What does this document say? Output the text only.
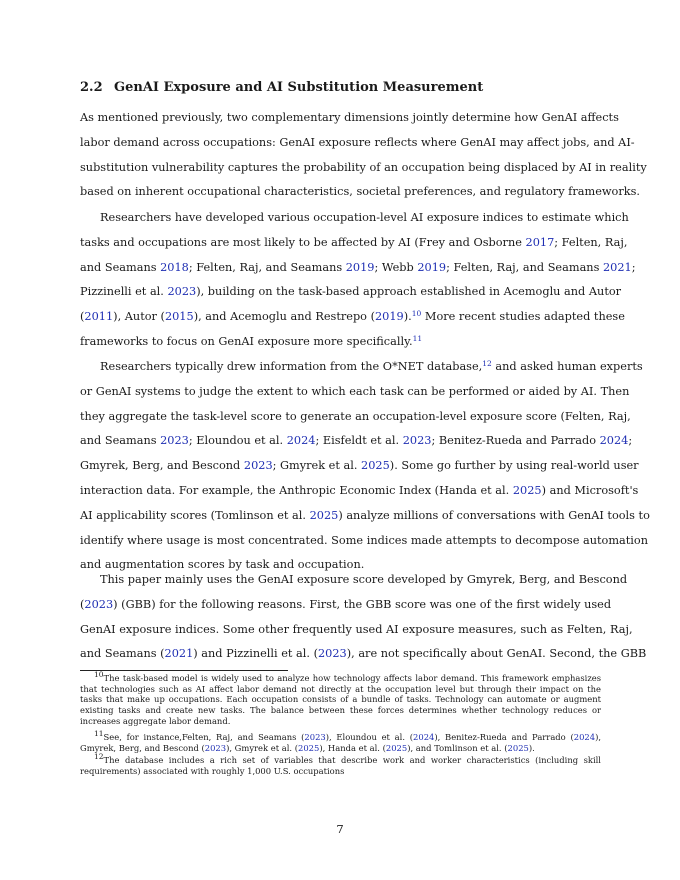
2.2 GenAI Exposure and AI Substitution Measurement
As mentioned previously, two complementary dimensions jointly determine how GenAI affects
labor demand across occupations: GenAI exposure reflects where GenAI may affect jobs, and AI-
substitution vulnerability captures the probability of an occupation being displaced by AI in reality
based on inherent occupational characteristics, societal preferences, and regulatory frameworks.
Researchers have developed various occupation-level AI exposure indices to estimate which
tasks and occupations are most likely to be affected by AI (Frey and Osborne 2017; Felten, Raj,
and Seamans 2018; Felten, Raj, and Seamans 2019; Webb 2019; Felten, Raj, and Seamans 2021;
Pizzinelli et al. 2023), building on the task-based approach established in Acemoglu and Autor
(2011), Autor (2015), and Acemoglu and Restrepo (2019).$^{10}$ More recent studies adapted these
frameworks to focus on GenAI exposure more specifically.$^{11}$
Researchers typically drew information from the O*NET database,$^{12}$ and asked human experts
or GenAI systems to judge the extent to which each task can be performed or aided by AI. Then
they aggregate the task-level score to generate an occupation-level exposure score (Felten, Raj,
and Seamans 2023; Eloundou et al. 2024; Eisfeldt et al. 2023; Benitez-Rueda and Parrado 2024;
Gmyrek, Berg, and Bescond 2023; Gmyrek et al. 2025). Some go further by using real-world user
interaction data. For example, the Anthropic Economic Index (Handa et al. 2025) and Microsoft's
AI applicability scores (Tomlinson et al. 2025) analyze millions of conversations with GenAI tools to
identify where usage is most concentrated. Some indices made attempts to decompose automation
and augmentation scores by task and occupation.
This paper mainly uses the GenAI exposure score developed by Gmyrek, Berg, and Bescond
(2023) (GBB) for the following reasons. First, the GBB score was one of the first widely used
GenAI exposure indices. Some other frequently used AI exposure measures, such as Felten, Raj,
and Seamans (2021) and Pizzinelli et al. (2023), are not specifically about GenAI. Second, the GBB
$^{10}$The task-based model is widely used to analyze how technology affects labor demand. This framework emphasizes
that technologies such as AI affect labor demand not directly at the occupation level but through their impact on the
tasks that make up occupations. Each occupation consists of a bundle of tasks. Technology can automate or augment
existing tasks and create new tasks. The balance between these forces determines whether technology reduces or
increases aggregate labor demand.
$^{11}$See, for instance,Felten, Raj, and Seamans (2023), Eloundou et al. (2024), Benitez-Rueda and Parrado (2024),
Gmyrek, Berg, and Bescond (2023), Gmyrek et al. (2025), Handa et al. (2025), and Tomlinson et al. (2025).
$^{12}$The database includes a rich set of variables that describe work and worker characteristics (including skill
requirements) associated with roughly 1,000 U.S. occupations
7
